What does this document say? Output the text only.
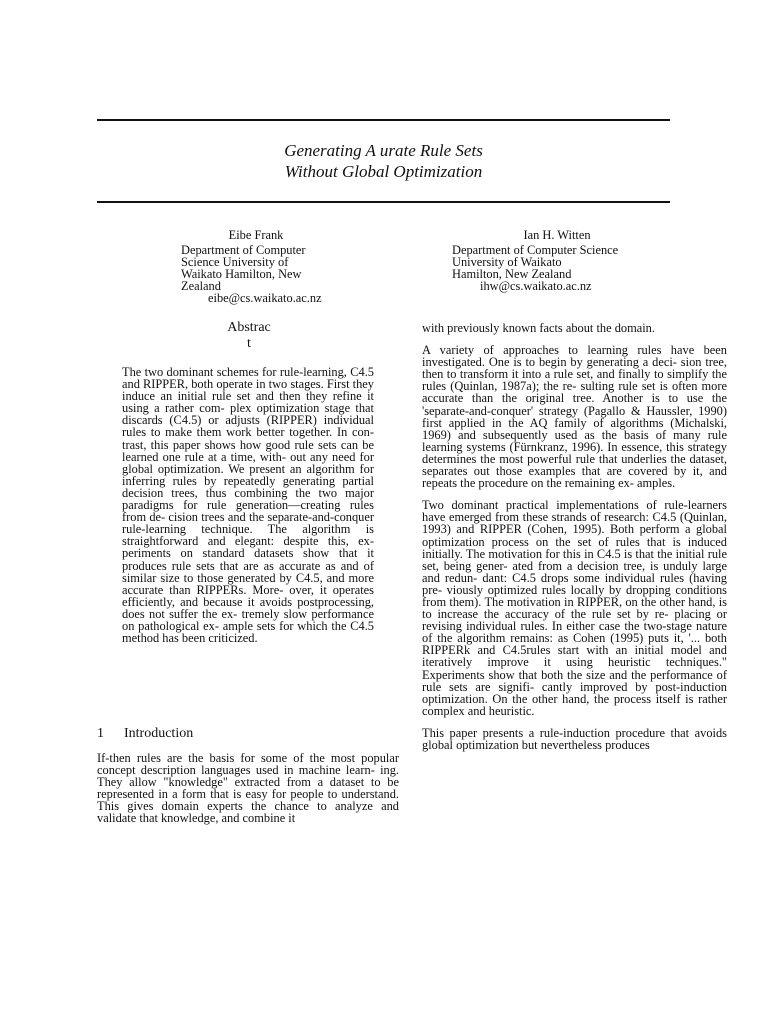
Generating A urate Rule Sets
Without Global Optimization
Eibe Frank
Department of Computer
Science University of
Waikato Hamilton, New
Zealand
eibe@cs.waikato.ac.nz
Ian H. Witten
Department of Computer Science
University of Waikato
Hamilton, New Zealand
ihw@cs.waikato.ac.nz
Abstrac
t

The two dominant schemes for rule-learning, C4.5 and RIPPER, both operate in two stages. First they induce an initial rule set and then they refine it using a rather com- plex optimization stage that discards (C4.5) or adjusts (RIPPER) individual rules to make them work better together. In con- trast, this paper shows how good rule sets can be learned one rule at a time, with- out any need for global optimization. We present an algorithm for inferring rules by repeatedly generating partial decision trees, thus combining the two major paradigms for rule generation—creating rules from de- cision trees and the separate-and-conquer rule-learning technique. The algorithm is straightforward and elegant: despite this, ex- periments on standard datasets show that it produces rule sets that are as accurate as and of similar size to those generated by C4.5, and more accurate than RIPPERs. More- over, it operates efficiently, and because it avoids postprocessing, does not suffer the ex- tremely slow performance on pathological ex- ample sets for which the C4.5 method has been criticized.

1 Introduction

If-then rules are the basis for some of the most popular concept description languages used in machine learn- ing. They allow "knowledge" extracted from a dataset to be represented in a form that is easy for people to understand. This gives domain experts the chance to analyze and validate that knowledge, and combine it

with previously known facts about the domain.

A variety of approaches to learning rules have been investigated. One is to begin by generating a deci- sion tree, then to transform it into a rule set, and finally to simplify the rules (Quinlan, 1987a); the re- sulting rule set is often more accurate than the original tree. Another is to use the 'separate-and-conquer' strategy (Pagallo & Haussler, 1990) first applied in the AQ family of algorithms (Michalski, 1969) and subsequently used as the basis of many rule learning systems (Fürnkranz, 1996). In essence, this strategy determines the most powerful rule that underlies the dataset, separates out those examples that are covered by it, and repeats the procedure on the remaining ex- amples.

Two dominant practical implementations of rule-learners have emerged from these strands of research: C4.5 (Quinlan, 1993) and RIPPER (Cohen, 1995). Both perform a global optimization process on the set of rules that is induced initially. The motivation for this in C4.5 is that the initial rule set, being gener- ated from a decision tree, is unduly large and redun- dant: C4.5 drops some individual rules (having pre- viously optimized rules locally by dropping conditions from them). The motivation in RIPPER, on the other hand, is to increase the accuracy of the rule set by re- placing or revising individual rules. In either case the two-stage nature of the algorithm remains: as Cohen (1995) puts it, '... both RIPPERk and C4.5rules start with an initial model and iteratively improve it using heuristic techniques." Experiments show that both the size and the performance of rule sets are signifi- cantly improved by post-induction optimization. On the other hand, the process itself is rather complex and heuristic.

This paper presents a rule-induction procedure that avoids global optimization but nevertheless produces
